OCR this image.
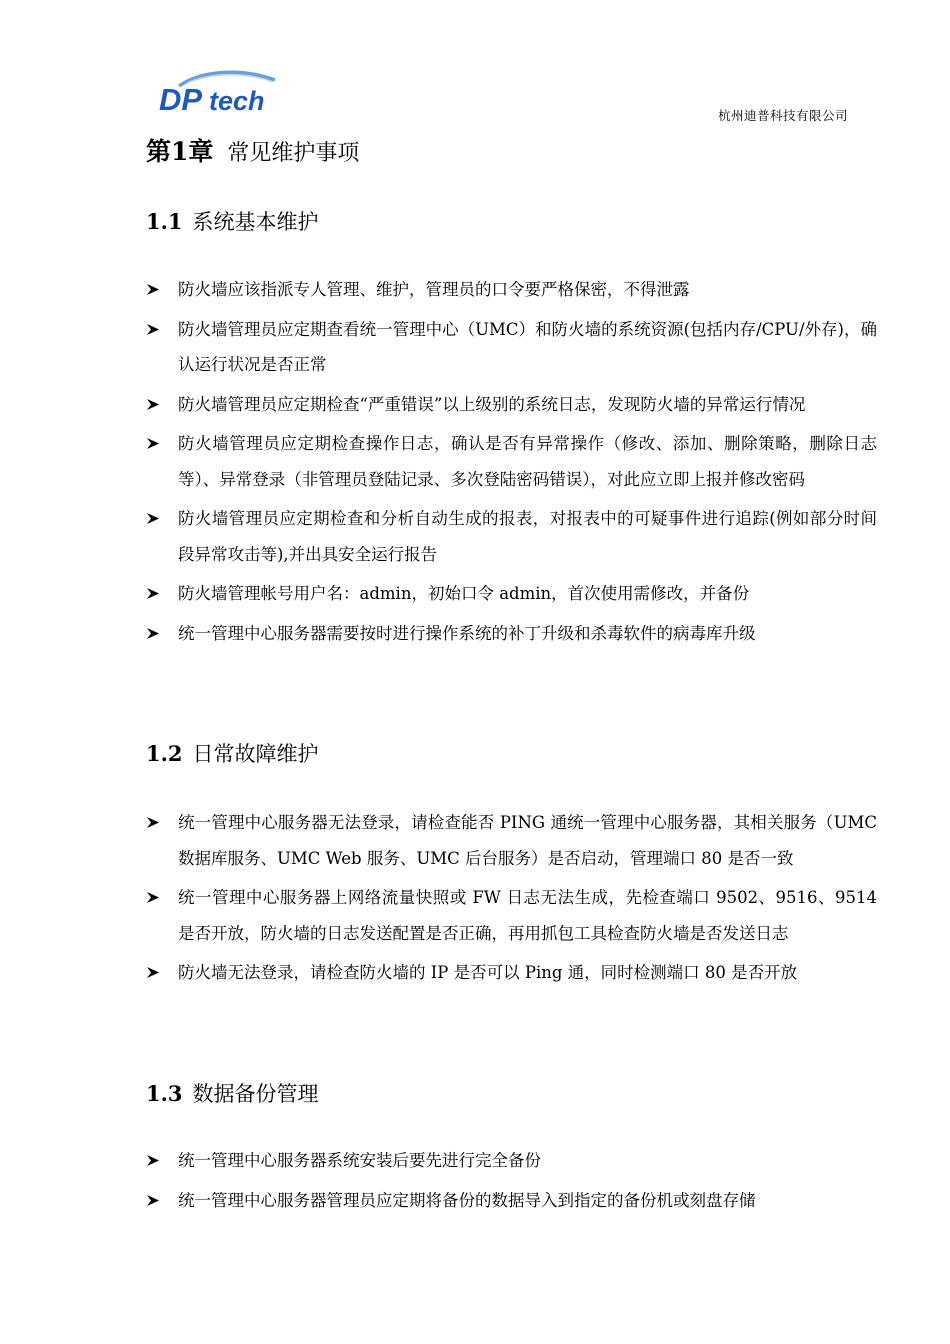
DP tech	杭州迪普科技有限公司
第1章 常见维护事项
1.1 系统基本维护
防火墙应该指派专人管理、维护，管理员的口令要严格保密，不得泄露
防火墙管理员应定期查看统一管理中心（UMC）和防火墙的系统资源(包括内存/CPU/外存)，确认运行状况是否正常
防火墙管理员应定期检查“严重错误”以上级别的系统日志，发现防火墙的异常运行情况
防火墙管理员应定期检查操作日志，确认是否有异常操作（修改、添加、删除策略，删除日志等）、异常登录（非管理员登陆记录、多次登陆密码错误），对此应立即上报并修改密码
防火墙管理员应定期检查和分析自动生成的报表，对报表中的可疑事件进行追踪(例如部分时间段异常攻击等),并出具安全运行报告
防火墙管理帐号用户名：admin，初始口令 admin，首次使用需修改，并备份
统一管理中心服务器需要按时进行操作系统的补丁升级和杀毒软件的病毒库升级
1.2 日常故障维护
统一管理中心服务器无法登录，请检查能否 PING 通统一管理中心服务器，其相关服务（UMC 数据库服务、UMC Web 服务、UMC 后台服务）是否启动，管理端口 80 是否一致
统一管理中心服务器上网络流量快照或 FW 日志无法生成，先检查端口 9502、9516、9514 是否开放，防火墙的日志发送配置是否正确，再用抓包工具检查防火墙是否发送日志
防火墙无法登录，请检查防火墙的 IP 是否可以 Ping 通，同时检测端口 80 是否开放
1.3 数据备份管理
统一管理中心服务器系统安装后要先进行完全备份
统一管理中心服务器管理员应定期将备份的数据导入到指定的备份机或刻盘存储
